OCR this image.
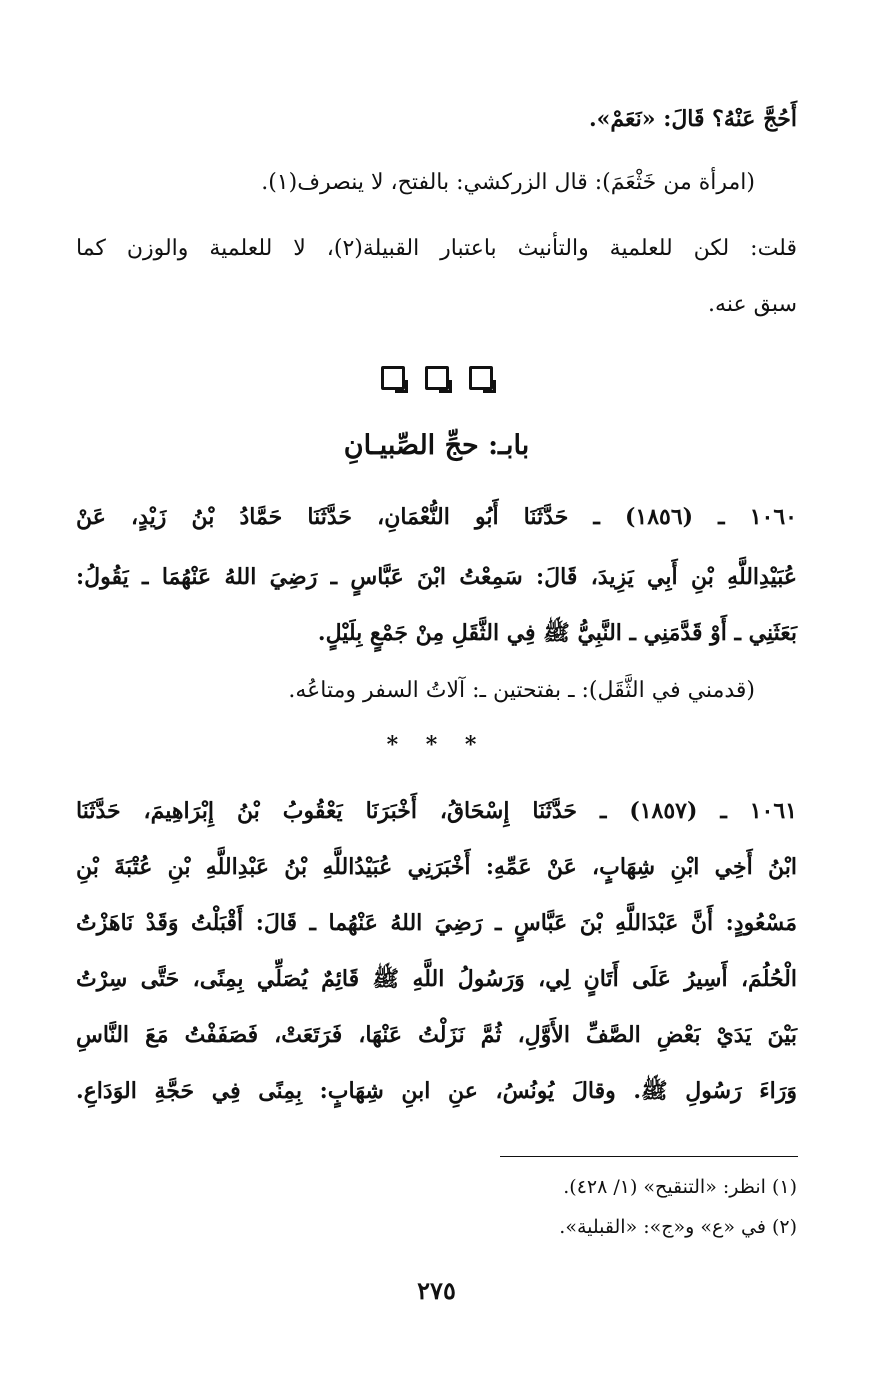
أَحُجَّ عَنْهُ؟ قَالَ: «نَعَمْ».
(امرأة من خَثْعَمَ): قال الزركشي: بالفتح، لا ينصرف(١).
قلت: لكن للعلمية والتأنيث باعتبار القبيلة(٢)، لا للعلمية والوزن كما
سبق عنه.
بابـ: حجِّ الصِّبيـانِ
١٠٦٠ ـ (١٨٥٦) ـ حَدَّثَنَا أَبُو النُّعْمَانِ، حَدَّثَنَا حَمَّادُ بْنُ زَيْدٍ، عَنْ
عُبَيْدِاللَّهِ بْنِ أَبِي يَزِيدَ، قَالَ: سَمِعْتُ ابْنَ عَبَّاسٍ ـ رَضِيَ اللهُ عَنْهُمَا ـ يَقُولُ:
بَعَثَنِي ـ أَوْ قَدَّمَنِي ـ النَّبِيُّ ﷺ فِي الثَّقَلِ مِنْ جَمْعٍ بِلَيْلٍ.
(قدمني في الثَّقَل): ـ بفتحتين ـ: آلاتُ السفر ومتاعُه.
* * *
١٠٦١ ـ (١٨٥٧) ـ حَدَّثَنَا إِسْحَاقُ، أَخْبَرَنَا يَعْقُوبُ بْنُ إِبْرَاهِيمَ، حَدَّثَنَا
ابْنُ أَخِي ابْنِ شِهَابٍ، عَنْ عَمِّهِ: أَخْبَرَنِي عُبَيْدُاللَّهِ بْنُ عَبْدِاللَّهِ بْنِ عُتْبَةَ بْنِ
مَسْعُودٍ: أَنَّ عَبْدَاللَّهِ بْنَ عَبَّاسٍ ـ رَضِيَ اللهُ عَنْهُما ـ قَالَ: أَقْبَلْتُ وَقَدْ نَاهَزْتُ
الْحُلُمَ، أَسِيرُ عَلَى أَتَانٍ لِي، وَرَسُولُ اللَّهِ ﷺ قَائِمٌ يُصَلِّي بِمِنًى، حَتَّى سِرْتُ
بَيْنَ يَدَيْ بَعْضِ الصَّفِّ الأَوَّلِ، ثُمَّ نَزَلْتُ عَنْهَا، فَرَتَعَتْ، فَصَفَفْتُ مَعَ النَّاسِ
وَرَاءَ رَسُولِ ﷺ. وقالَ يُونُسُ، عنِ ابنِ شِهَابٍ: بِمِنًى فِي حَجَّةِ الوَدَاعِ.
(١) انظر: «التنقيح» (١/ ٤٢٨).
(٢) في «ع» و«ج»: «القبلية».
٢٧٥
